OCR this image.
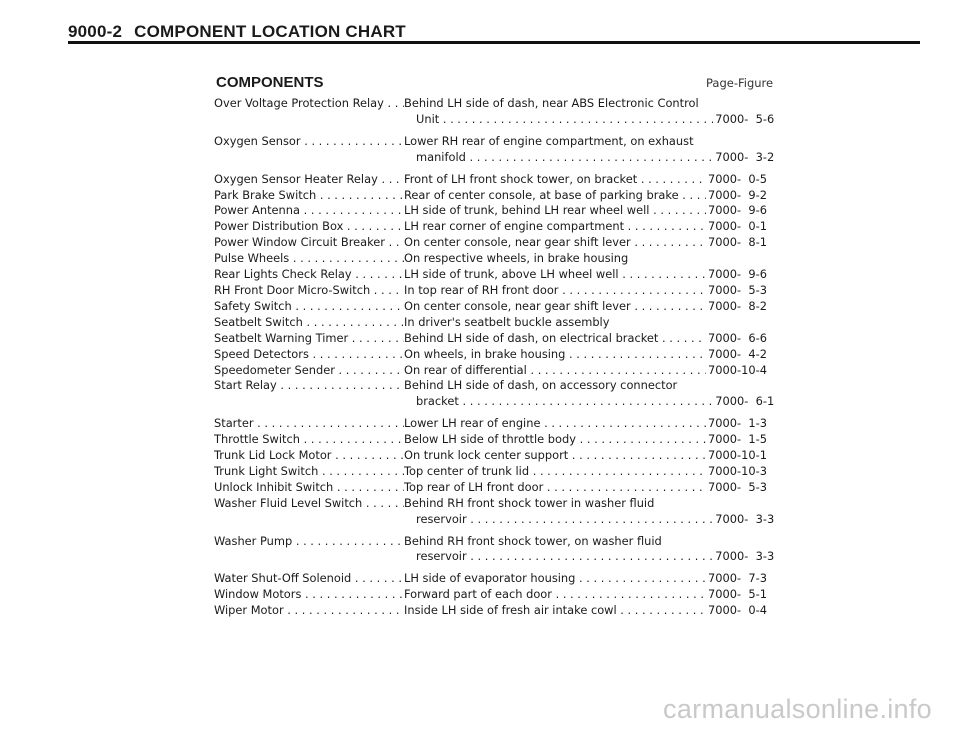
9000-2 COMPONENT LOCATION CHART
COMPONENTS	Page-Figure
Over Voltage Protection Relay . . .	Behind LH side of dash, near ABS Electronic Control
Unit . . .	7000-  5-6
Oxygen Sensor . . .	Lower RH rear of engine compartment, on exhaust
manifold . . .	7000-  3-2
Oxygen Sensor Heater Relay . . .	Front of LH front shock tower, on bracket . . .	7000-  0-5
Park Brake Switch . . .	Rear of center console, at base of parking brake . . .	7000-  9-2
Power Antenna . . .	LH side of trunk, behind LH rear wheel well . . .	7000-  9-6
Power Distribution Box . . .	LH rear corner of engine compartment . . .	7000-  0-1
Power Window Circuit Breaker . . .	On center console, near gear shift lever . . .	7000-  8-1
Pulse Wheels . . .	On respective wheels, in brake housing
Rear Lights Check Relay . . .	LH side of trunk, above LH wheel well . . .	7000-  9-6
RH Front Door Micro-Switch . . .	In top rear of RH front door . . .	7000-  5-3
Safety Switch . . .	On center console, near gear shift lever . . .	7000-  8-2
Seatbelt Switch . . .	In driver's seatbelt buckle assembly
Seatbelt Warning Timer . . .	Behind LH side of dash, on electrical bracket . . .	7000-  6-6
Speed Detectors . . .	On wheels, in brake housing . . .	7000-  4-2
Speedometer Sender . . .	On rear of differential . . .	7000-10-4
Start Relay . . .	Behind LH side of dash, on accessory connector
bracket . . .	7000-  6-1
Starter . . .	Lower LH rear of engine . . .	7000-  1-3
Throttle Switch . . .	Below LH side of throttle body . . .	7000-  1-5
Trunk Lid Lock Motor . . .	On trunk lock center support . . .	7000-10-1
Trunk Light Switch . . .	Top center of trunk lid . . .	7000-10-3
Unlock Inhibit Switch . . .	Top rear of LH front door . . .	7000-  5-3
Washer Fluid Level Switch . . .	Behind RH front shock tower in washer fluid
reservoir . . .	7000-  3-3
Washer Pump . . .	Behind RH front shock tower, on washer fluid
reservoir . . .	7000-  3-3
Water Shut-Off Solenoid . . .	LH side of evaporator housing . . .	7000-  7-3
Window Motors . . .	Forward part of each door . . .	7000-  5-1
Wiper Motor . . .	Inside LH side of fresh air intake cowl . . .	7000-  0-4
carmanualsonline.info
